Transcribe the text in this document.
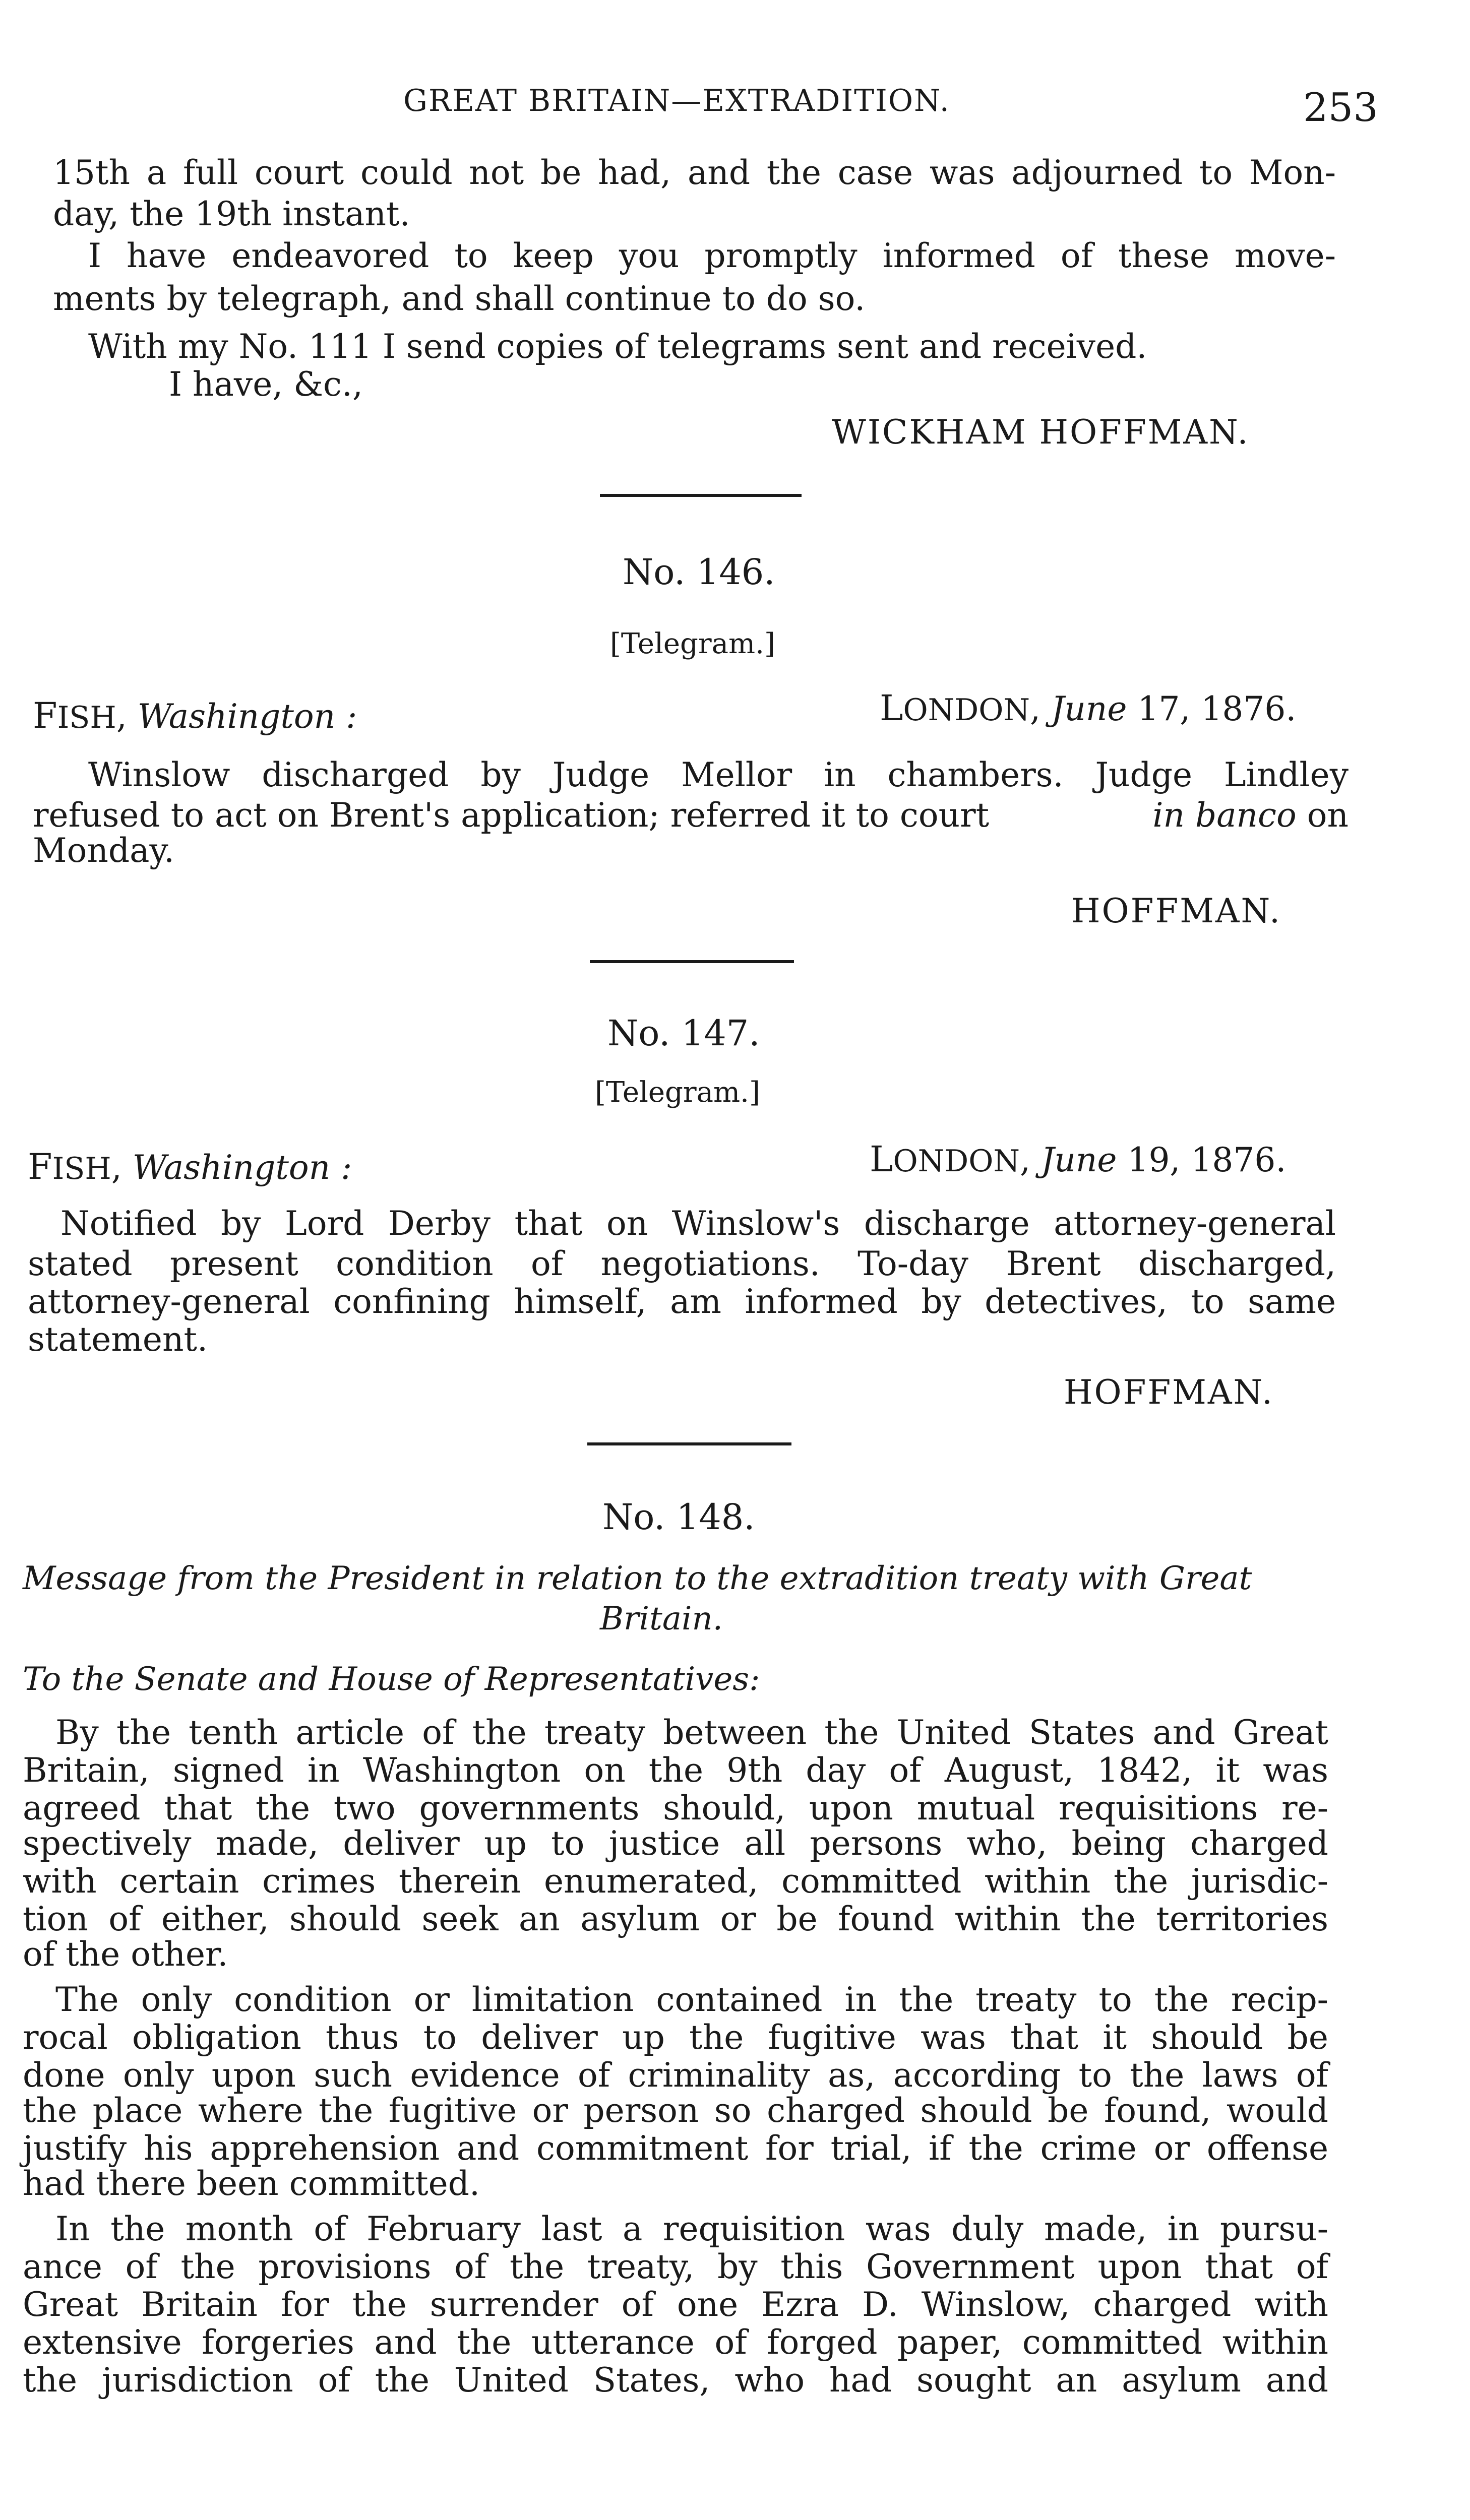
GREAT BRITAIN—EXTRADITION.	253
15th a full court could not be had, and the case was adjourned to Mon-
day, the 19th instant.
I have endeavored to keep you promptly informed of these move-
ments by telegraph, and shall continue to do so.
With my No. 111 I send copies of telegrams sent and received.
I have, &c.,
WICKHAM HOFFMAN.
No. 146.
[Telegram.]
FISH, Washington :	LONDON, June 17, 1876.
Winslow discharged by Judge Mellor in chambers. Judge Lindley
refused to act on Brent's application; referred it to court	in banco on
Monday.
HOFFMAN.
No. 147.
[Telegram.]
FISH, Washington :	LONDON, June 19, 1876.
Notified by Lord Derby that on Winslow's discharge attorney-general
stated present condition of negotiations. To-day Brent discharged,
attorney-general confining himself, am informed by detectives, to same
statement.
HOFFMAN.
No. 148.
Message from the President in relation to the extradition treaty with Great
Britain.
To the Senate and House of Representatives:
By the tenth article of the treaty between the United States and Great
Britain, signed in Washington on the 9th day of August, 1842, it was
agreed that the two governments should, upon mutual requisitions re-
spectively made, deliver up to justice all persons who, being charged
with certain crimes therein enumerated, committed within the jurisdic-
tion of either, should seek an asylum or be found within the territories
of the other.
The only condition or limitation contained in the treaty to the recip-
rocal obligation thus to deliver up the fugitive was that it should be
done only upon such evidence of criminality as, according to the laws of
the place where the fugitive or person so charged should be found, would
justify his apprehension and commitment for trial, if the crime or offense
had there been committed.
In the month of February last a requisition was duly made, in pursu-
ance of the provisions of the treaty, by this Government upon that of
Great Britain for the surrender of one Ezra D. Winslow, charged with
extensive forgeries and the utterance of forged paper, committed within
the jurisdiction of the United States, who had sought an asylum and
